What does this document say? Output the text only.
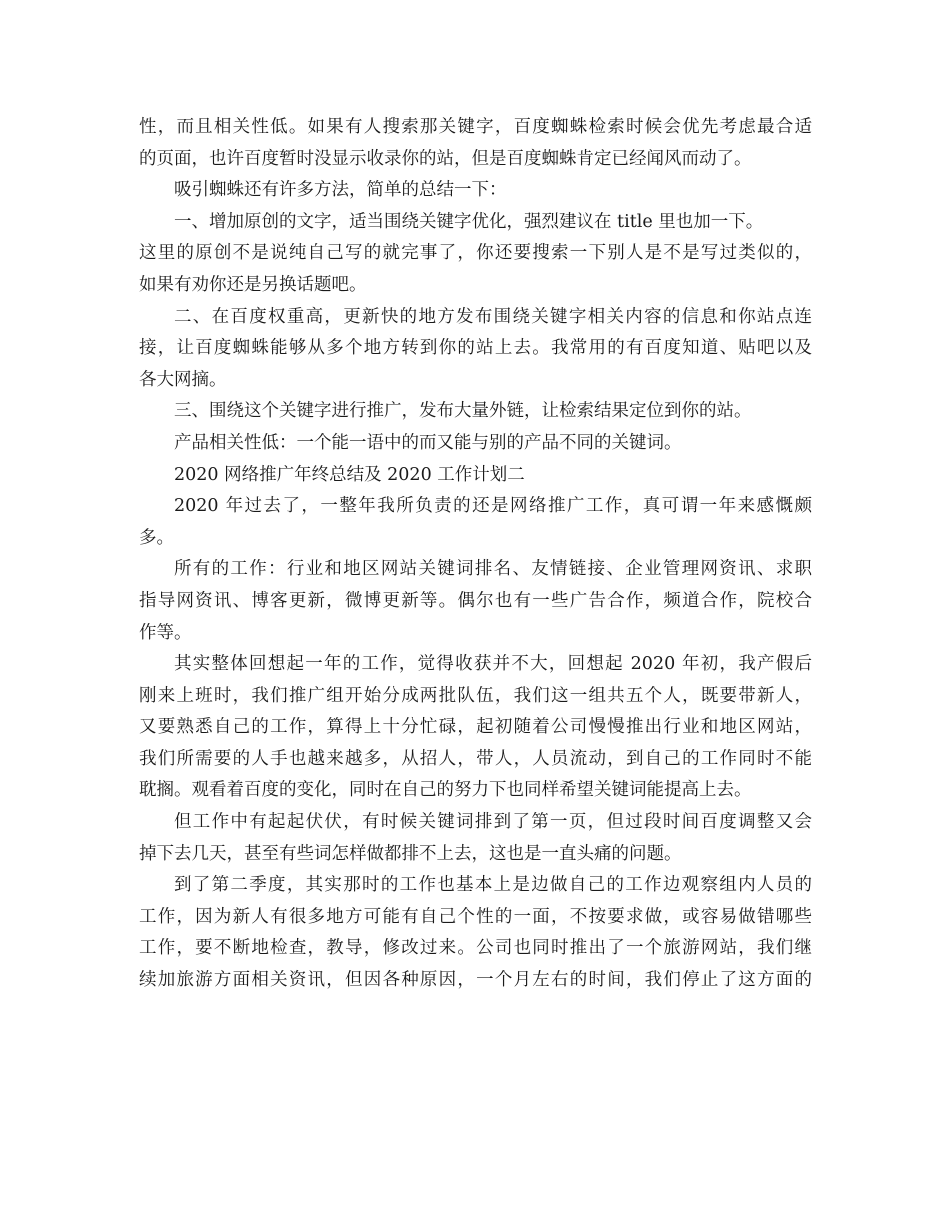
性，而且相关性低。如果有人搜索那关键字，百度蜘蛛检索时候会优先考虑最合适
的页面，也许百度暂时没显示收录你的站，但是百度蜘蛛肯定已经闻风而动了。
吸引蜘蛛还有许多方法，简单的总结一下：
一、增加原创的文字，适当围绕关键字优化，强烈建议在 title 里也加一下。
这里的原创不是说纯自己写的就完事了，你还要搜索一下别人是不是写过类似的，
如果有劝你还是另换话题吧。
二、在百度权重高，更新快的地方发布围绕关键字相关内容的信息和你站点连
接，让百度蜘蛛能够从多个地方转到你的站上去。我常用的有百度知道、贴吧以及
各大网摘。
三、围绕这个关键字进行推广，发布大量外链，让检索结果定位到你的站。
产品相关性低：一个能一语中的而又能与别的产品不同的关键词。
2020 网络推广年终总结及 2020 工作计划二
2020 年过去了，一整年我所负责的还是网络推广工作，真可谓一年来感慨颇
多。
所有的工作：行业和地区网站关键词排名、友情链接、企业管理网资讯、求职
指导网资讯、博客更新，微博更新等。偶尔也有一些广告合作，频道合作，院校合
作等。
其实整体回想起一年的工作，觉得收获并不大，回想起 2020 年初，我产假后
刚来上班时，我们推广组开始分成两批队伍，我们这一组共五个人，既要带新人，
又要熟悉自己的工作，算得上十分忙碌，起初随着公司慢慢推出行业和地区网站，
我们所需要的人手也越来越多，从招人，带人，人员流动，到自己的工作同时不能
耽搁。观看着百度的变化，同时在自己的努力下也同样希望关键词能提高上去。
但工作中有起起伏伏，有时候关键词排到了第一页，但过段时间百度调整又会
掉下去几天，甚至有些词怎样做都排不上去，这也是一直头痛的问题。
到了第二季度，其实那时的工作也基本上是边做自己的工作边观察组内人员的
工作，因为新人有很多地方可能有自己个性的一面，不按要求做，或容易做错哪些
工作，要不断地检查，教导，修改过来。公司也同时推出了一个旅游网站，我们继
续加旅游方面相关资讯，但因各种原因，一个月左右的时间，我们停止了这方面的
